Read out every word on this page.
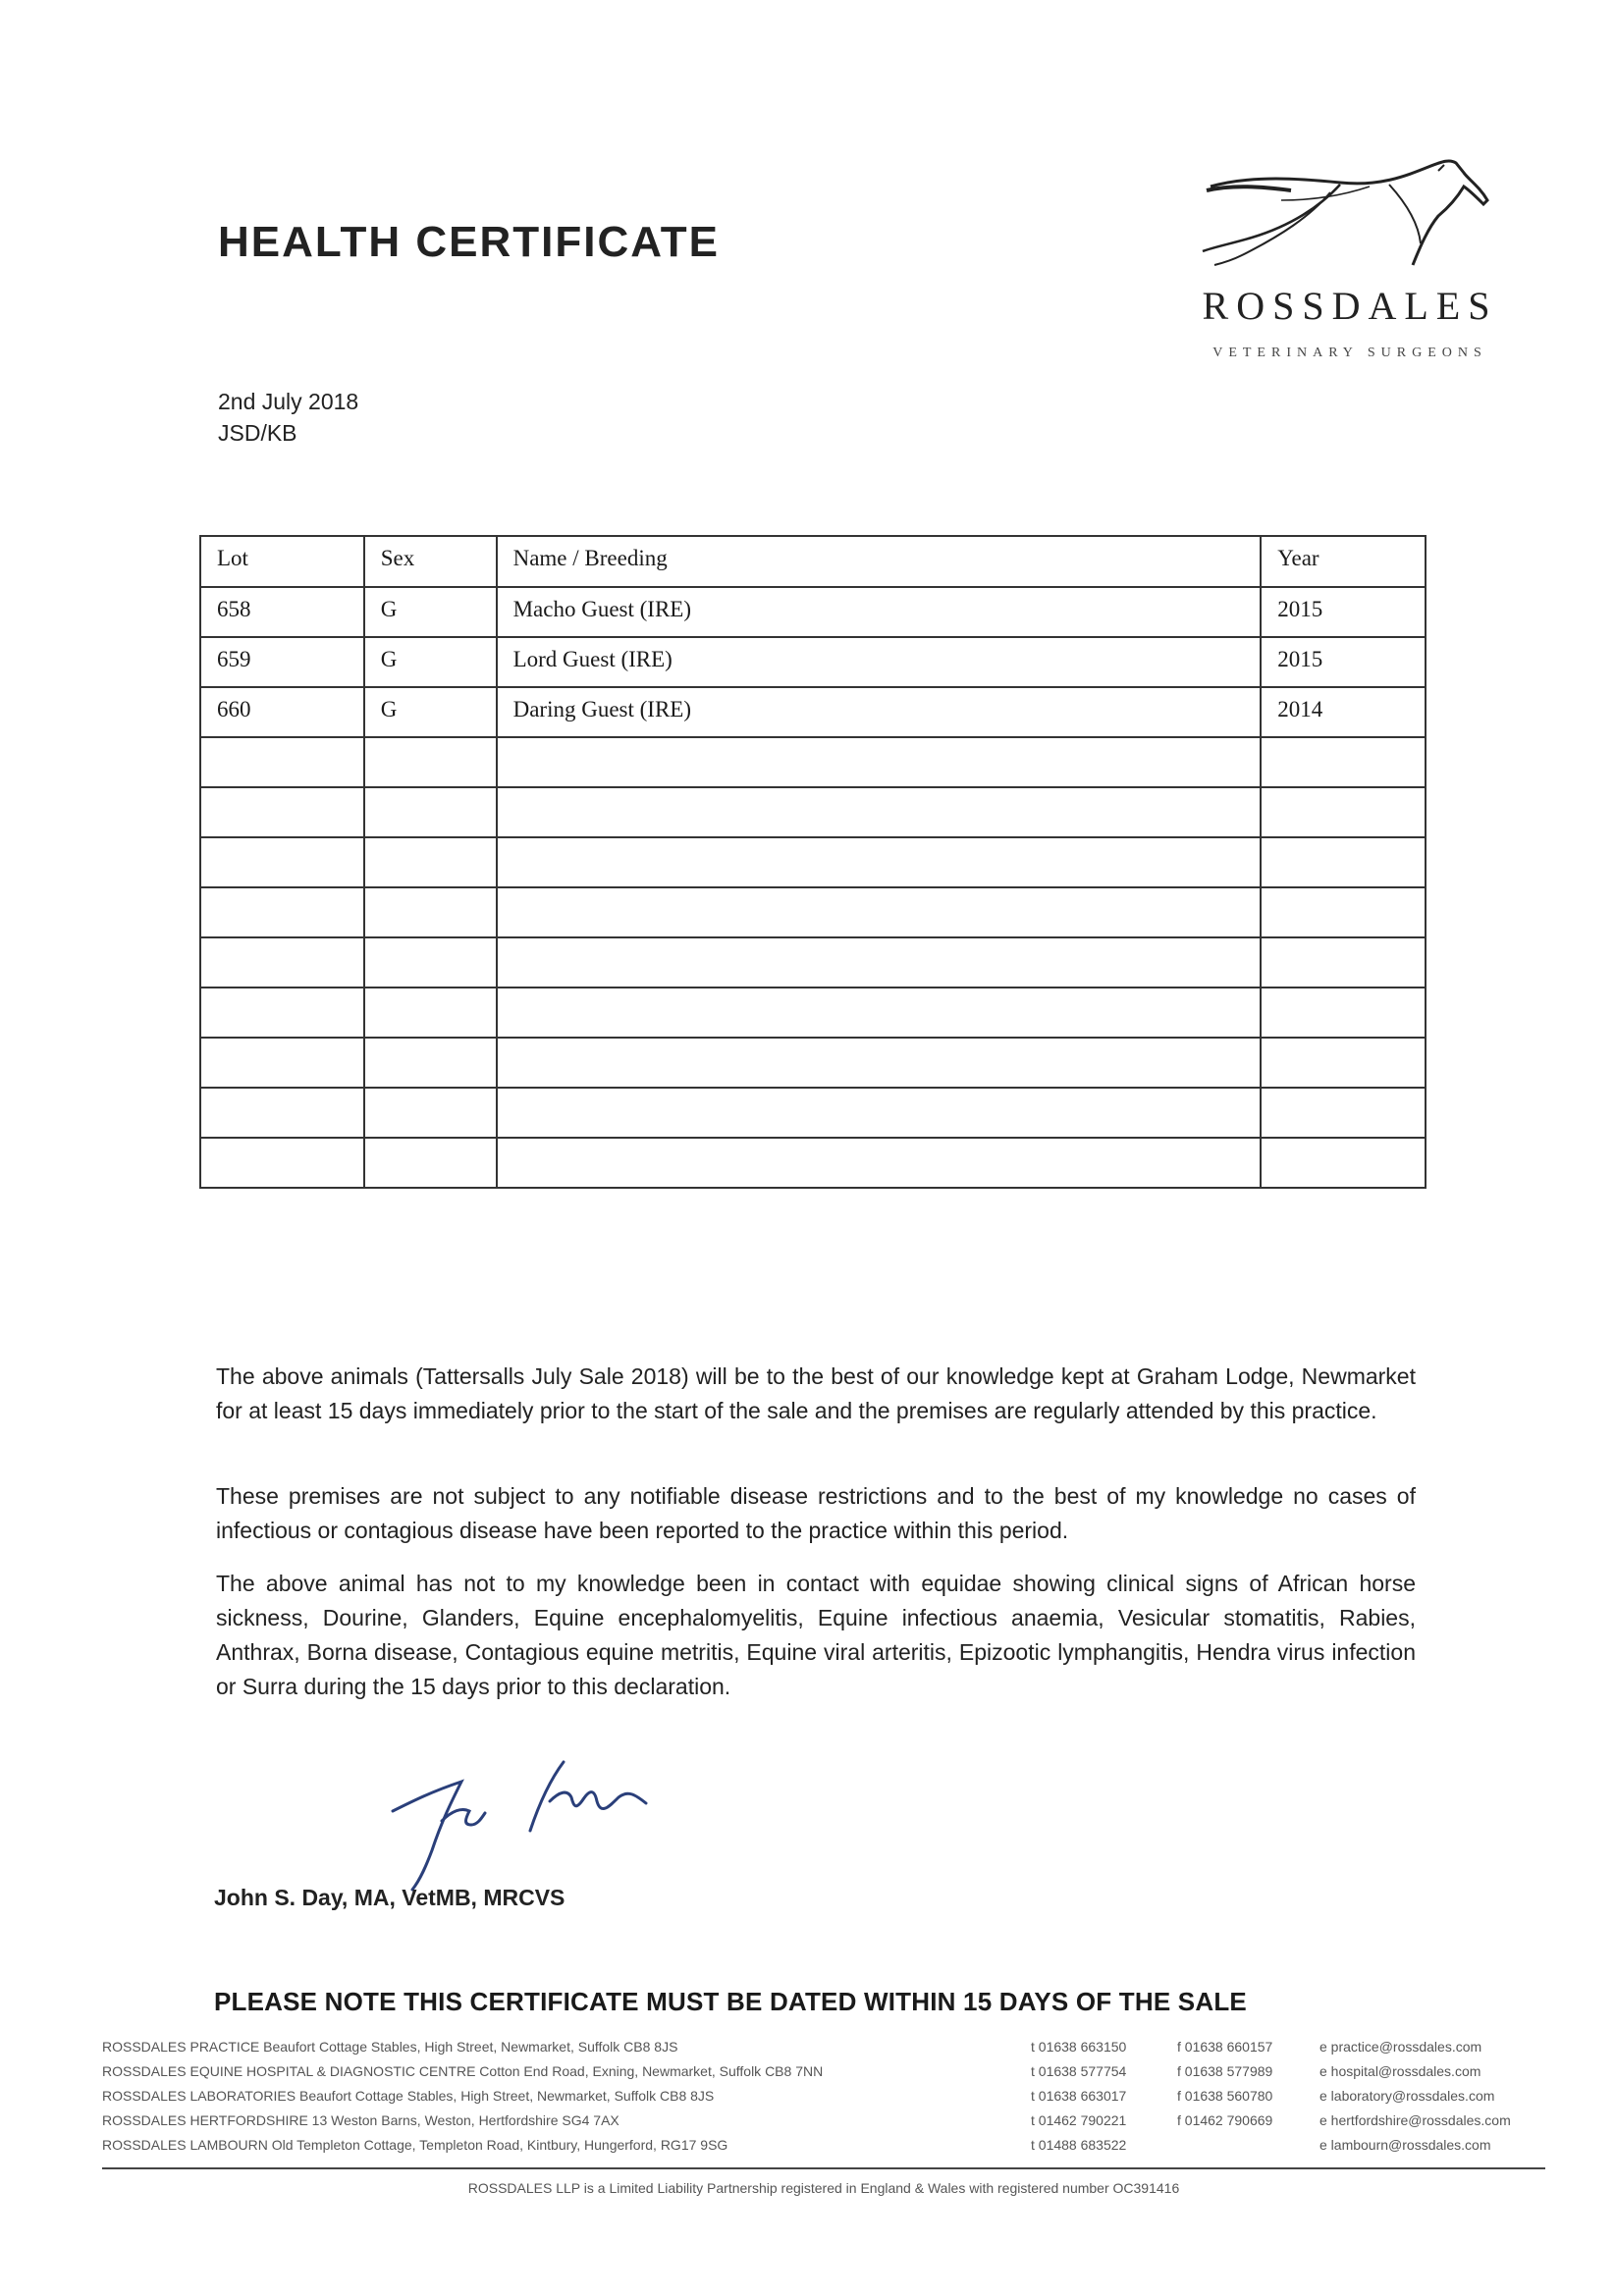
HEALTH CERTIFICATE
ROSSDALES
VETERINARY SURGEONS
2nd July 2018
JSD/KB
Lot	Sex	Name / Breeding	Year
658	G	Macho Guest (IRE)	2015
659	G	Lord Guest (IRE)	2015
660	G	Daring Guest (IRE)	2014

The above animals (Tattersalls July Sale 2018) will be to the best of our knowledge kept at Graham Lodge, Newmarket for at least 15 days immediately prior to the start of the sale and the premises are regularly attended by this practice.

These premises are not subject to any notifiable disease restrictions and to the best of my knowledge no cases of infectious or contagious disease have been reported to the practice within this period.

The above animal has not to my knowledge been in contact with equidae showing clinical signs of African horse sickness, Dourine, Glanders, Equine encephalomyelitis, Equine infectious anaemia, Vesicular stomatitis, Rabies, Anthrax, Borna disease, Contagious equine metritis, Equine viral arteritis, Epizootic lymphangitis, Hendra virus infection or Surra during the 15 days prior to this declaration.

John S. Day, MA, VetMB, MRCVS
PLEASE NOTE THIS CERTIFICATE MUST BE DATED WITHIN 15 DAYS OF THE SALE
ROSSDALES PRACTICE Beaufort Cottage Stables, High Street, Newmarket, Suffolk CB8 8JS	t 01638 663150	f 01638 660157	e practice@rossdales.com
ROSSDALES EQUINE HOSPITAL & DIAGNOSTIC CENTRE Cotton End Road, Exning, Newmarket, Suffolk CB8 7NN	t 01638 577754	f 01638 577989	e hospital@rossdales.com
ROSSDALES LABORATORIES Beaufort Cottage Stables, High Street, Newmarket, Suffolk CB8 8JS	t 01638 663017	f 01638 560780	e laboratory@rossdales.com
ROSSDALES HERTFORDSHIRE 13 Weston Barns, Weston, Hertfordshire SG4 7AX	t 01462 790221	f 01462 790669	e hertfordshire@rossdales.com
ROSSDALES LAMBOURN Old Templeton Cottage, Templeton Road, Kintbury, Hungerford, RG17 9SG	t 01488 683522	e lambourn@rossdales.com
ROSSDALES LLP is a Limited Liability Partnership registered in England & Wales with registered number OC391416
